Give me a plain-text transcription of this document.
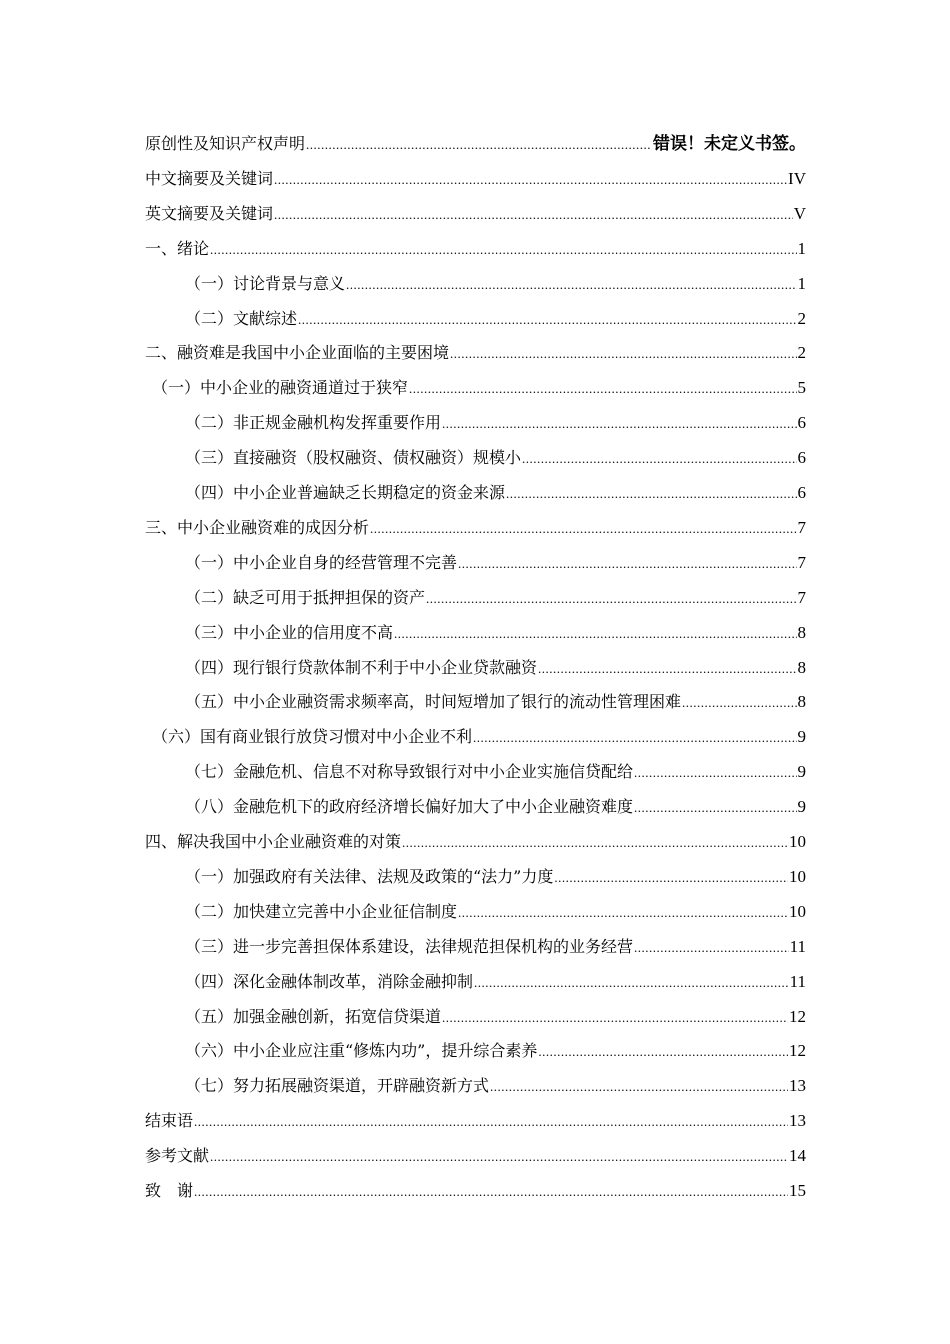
原创性及知识产权声明 .....	错误！未定义书签。
中文摘要及关键词 .....	IV
英文摘要及关键词 .....	V
一、绪论 .....	1
（一）讨论背景与意义 .....	1
（二）文献综述 .....	2
二、融资难是我国中小企业面临的主要困境 .....	2
（一）中小企业的融资通道过于狭窄 .....	5
（二）非正规金融机构发挥重要作用 .....	6
（三）直接融资（股权融资、债权融资）规模小 .....	6
（四）中小企业普遍缺乏长期稳定的资金来源 .....	6
三、中小企业融资难的成因分析 .....	7
（一）中小企业自身的经营管理不完善 .....	7
（二）缺乏可用于抵押担保的资产 .....	7
（三）中小企业的信用度不高 .....	8
（四）现行银行贷款体制不利于中小企业贷款融资 .....	8
（五）中小企业融资需求频率高，时间短增加了银行的流动性管理困难 .....	8
（六）国有商业银行放贷习惯对中小企业不利 .....	9
（七）金融危机、信息不对称导致银行对中小企业实施信贷配给 .....	9
（八）金融危机下的政府经济增长偏好加大了中小企业融资难度 .....	9
四、解决我国中小企业融资难的对策 .....	10
（一）加强政府有关法律、法规及政策的“法力”力度 .....	10
（二）加快建立完善中小企业征信制度 .....	10
（三）进一步完善担保体系建设，法律规范担保机构的业务经营 .....	11
（四）深化金融体制改革，消除金融抑制 .....	11
（五）加强金融创新，拓宽信贷渠道 .....	12
（六）中小企业应注重“修炼内功”，提升综合素养 .....	12
（七）努力拓展融资渠道，开辟融资新方式 .....	13
结束语 .....	13
参考文献 .....	14
致　谢 .....	15
